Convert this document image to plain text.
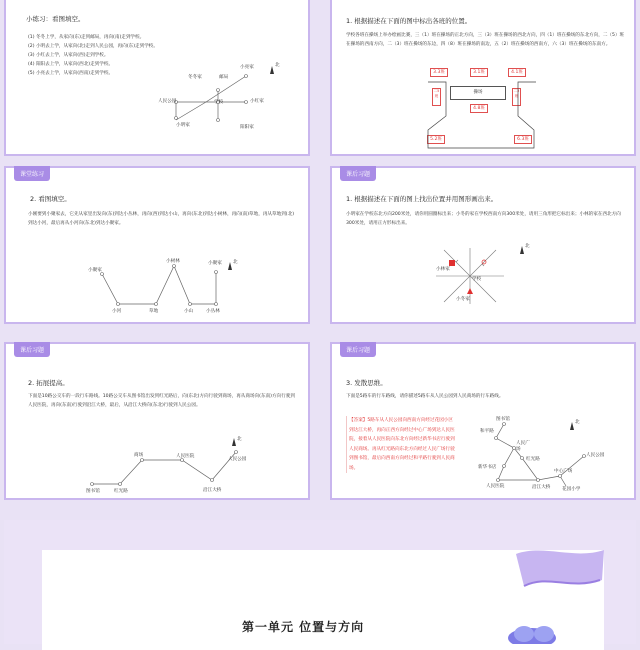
小练习：看图填空。
(1) 冬冬上学，从家向(东)走到邮局，再向(南)走到学校。
(2) 小明去上学，从家向(北)走到人民公园，再向(东)走到学校。
(3) 小红去上学，从家向(西)走到学校。
(4) 阳阳去上学，从家向(西北)走到学校。
(5) 小亮去上学，从家向(西南)走到学校。
冬冬家	邮局
小亮家	北
人民公园	学校	小红家
小明家	阳阳家
1. 根据描述在下面的图中标出各班的位置。
学校各班在操场上举办绘画比赛，三（1）班在操场的正北方向，三（3）班在操场的西北方向，四（1）班在操场的东北方向，二（5）班在操场的西南方向，二（3）班在操场的东边，四（8）班在操场的南边，五（2）班在操场的西南方，六（3）班在操场的东南方。
3.3班	3.1班	4.1班
二5班
操场	二3班
4.8班
5.2班	6.3班
课堂练习
2. 看图填空。
小刚要到小聚家去，它先从家里出发向(东)到达小丛林，再向(西)到达小山，再向(东北)到达小树林，再向(南)草地，再从草地到(北)到达小河，最后再从小河向(东北)到达小聚家。
小树林	小聚家
小聚家
北
小河	草地	小山	小丛林
课后习题
1. 根据描述在下面的图上找出位置并用图形画出来。
小明家在学校东北方向200米处，请你用圆圈标出来；小冬的家在学校西南方向300米处，请用三角形把它标出来；小林的家在西北方向300米处，请用正方形标出来。
小林家
学校
小冬家
北
课后习题
2. 拓展提高。
下面是10路公交车的一段行车路线。10路公交车从图书馆出发到红光路后，向(东北)方向行驶到商场，再从商场向(东南)方向行驶到人民医院，再向(东南)行驶到沿江大桥，最后，从沿江大桥向(东北)行驶到人民公园。
商场	人民医院
人民公园
北
图书馆	红光路	沿江大桥
课后习题
3. 发散思维。
下面是5路车的行车路线，请你描述5路车从人民公园到人民商场的行车路线。
【答案】5路车从人民公园向西南方向经过花园小区到达江大桥，再向正西方向经过中心广场到达人民医院，接着从人民医院向东北方向经过新华书店行驶到人民商场。再从红光路向东北方向经过人民广场行驶到图书馆，最后向西南方向经过和平路行驶到人民商场。
图书馆
北
和平路
人民广场
红光路
新华书店
中心广场
人民公园
人民医院
花园小学
沿江大桥
第一单元 位置与方向
